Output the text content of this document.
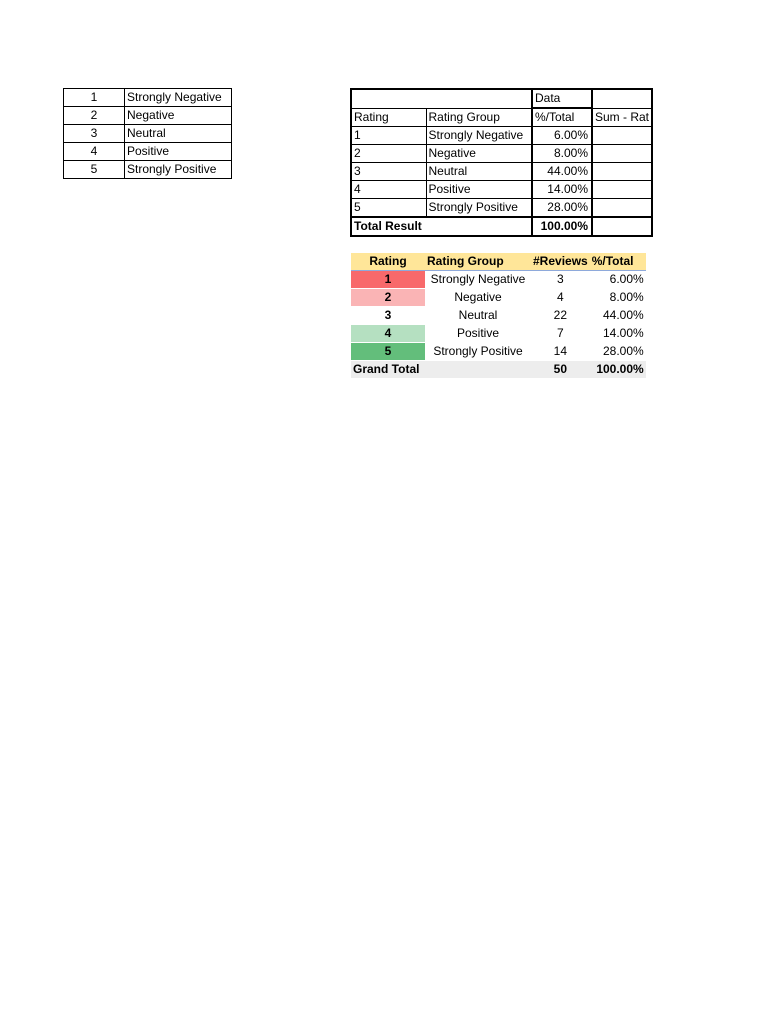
1	Strongly Negative
2	Negative
3	Neutral
4	Positive
5	Strongly Positive
		Data	
Rating	Rating Group	%/Total	Sum - Rat
1	Strongly Negative	6.00%	
2	Negative	8.00%	
3	Neutral	44.00%	
4	Positive	14.00%	
5	Strongly Positive	28.00%	
Total Result		100.00%	
Rating	Rating Group	#Reviews	%/Total
1	Strongly Negative	3	6.00%
2	Negative	4	8.00%
3	Neutral	22	44.00%
4	Positive	7	14.00%
5	Strongly Positive	14	28.00%
Grand Total		50	100.00%
